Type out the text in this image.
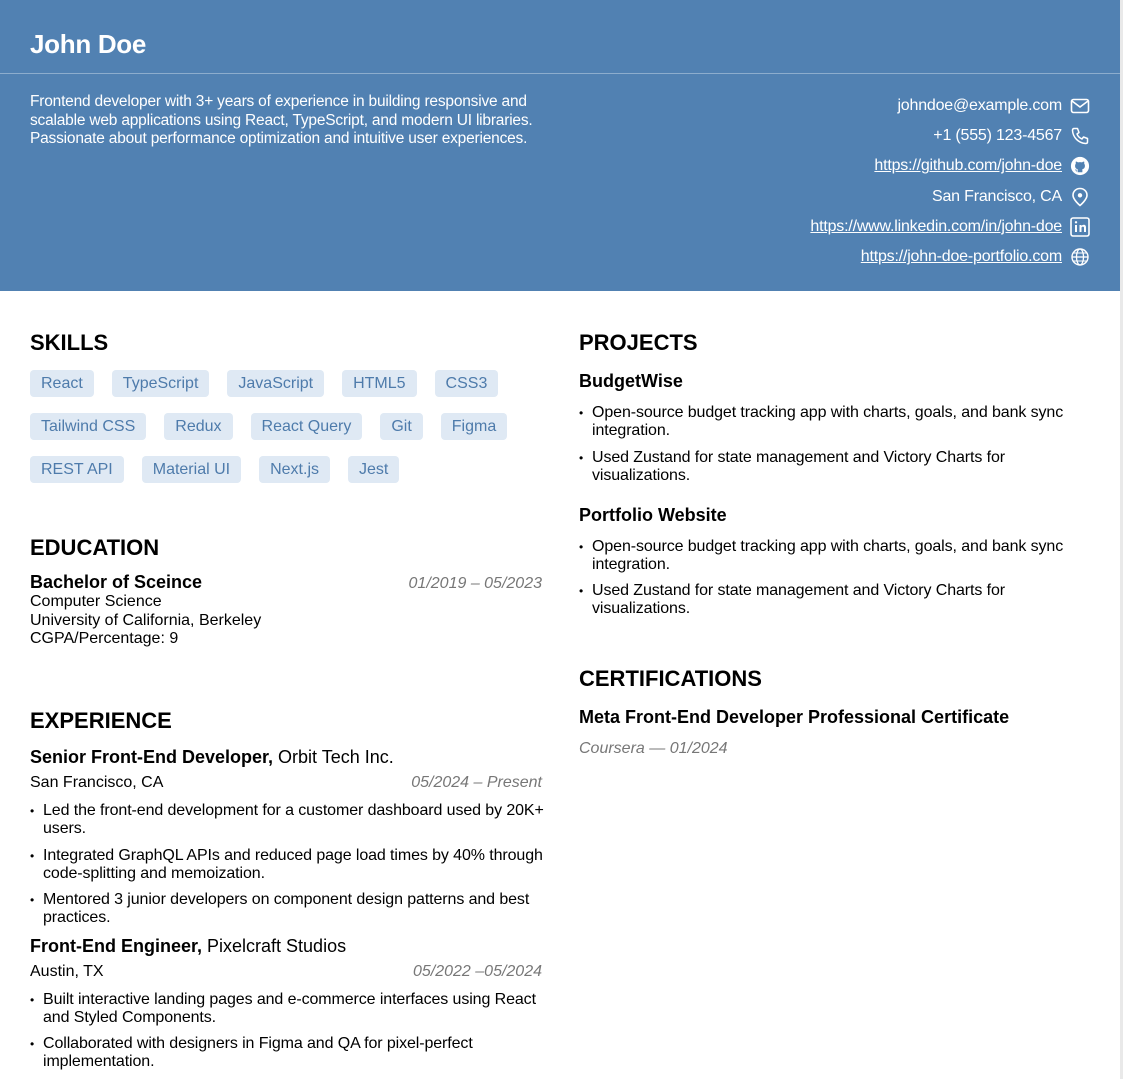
John Doe
Frontend developer with 3+ years of experience in building responsive and scalable web applications using React, TypeScript, and modern UI libraries. Passionate about performance optimization and intuitive user experiences.
johndoe@example.com
+1 (555) 123-4567
https://github.com/john-doe
San Francisco, CA
https://www.linkedin.com/in/john-doe
https://john-doe-portfolio.com
SKILLS
React	TypeScript	JavaScript	HTML5	CSS3
Tailwind CSS	Redux	React Query	Git	Figma
REST API	Material UI	Next.js	Jest
EDUCATION
Bachelor of Sceince	01/2019 – 05/2023
Computer Science
University of California, Berkeley
CGPA/Percentage: 9
EXPERIENCE
Senior Front-End Developer, Orbit Tech Inc.
San Francisco, CA	05/2024 – Present
• Led the front-end development for a customer dashboard used by 20K+ users.
• Integrated GraphQL APIs and reduced page load times by 40% through code-splitting and memoization.
• Mentored 3 junior developers on component design patterns and best practices.
Front-End Engineer, Pixelcraft Studios
Austin, TX	05/2022 –05/2024
• Built interactive landing pages and e-commerce interfaces using React and Styled Components.
• Collaborated with designers in Figma and QA for pixel-perfect implementation.
PROJECTS
BudgetWise
• Open-source budget tracking app with charts, goals, and bank sync integration.
• Used Zustand for state management and Victory Charts for visualizations.
Portfolio Website
• Open-source budget tracking app with charts, goals, and bank sync integration.
• Used Zustand for state management and Victory Charts for visualizations.
CERTIFICATIONS
Meta Front-End Developer Professional Certificate
Coursera — 01/2024
